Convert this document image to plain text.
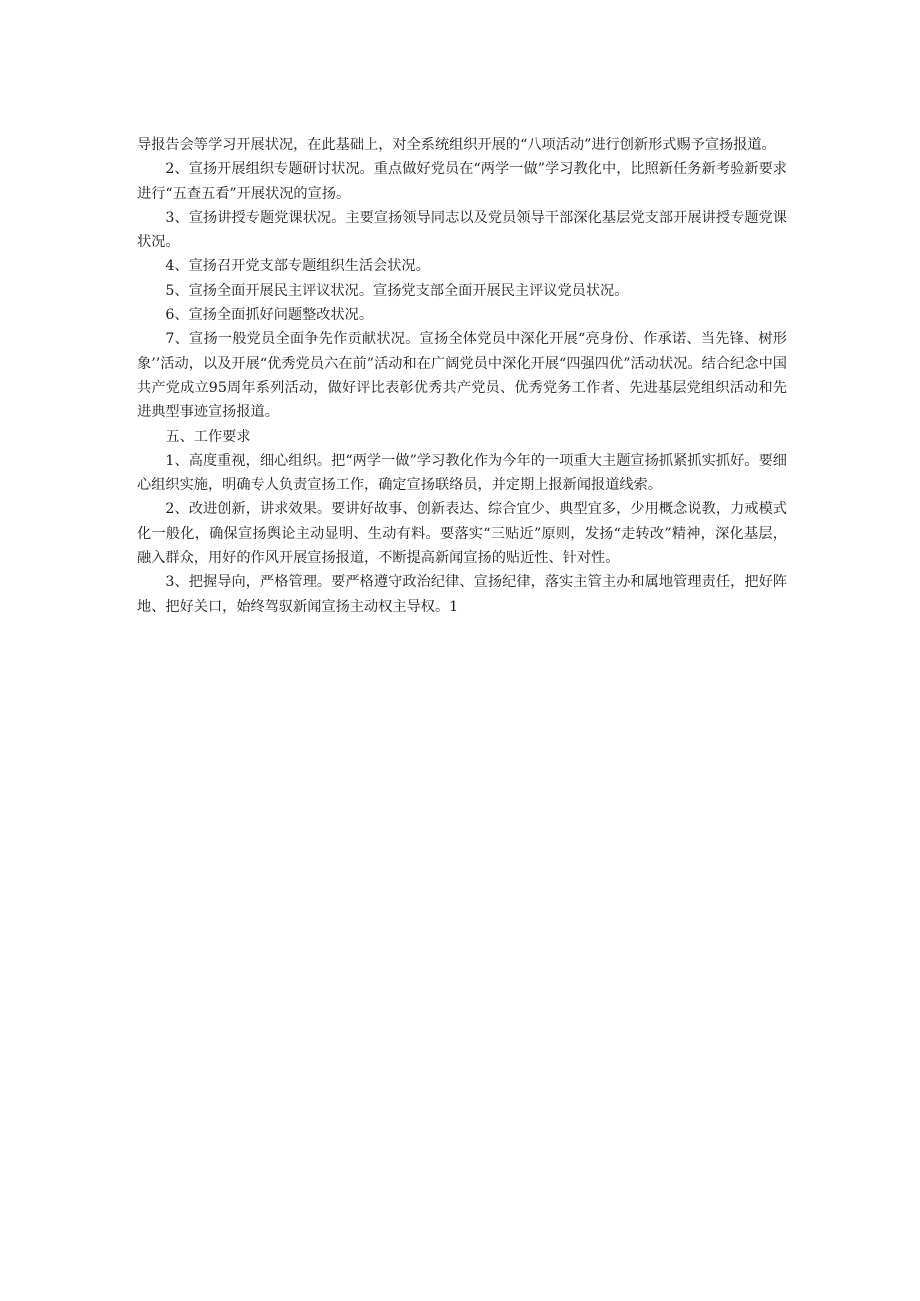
导报告会等学习开展状况，在此基础上，对全系统组织开展的“八项活动”进行创新形式赐予宣扬报道。

2、宣扬开展组织专题研讨状况。重点做好党员在“两学一做”学习教化中，比照新任务新考验新要求进行“五查五看”开展状况的宣扬。

3、宣扬讲授专题党课状况。主要宣扬领导同志以及党员领导干部深化基层党支部开展讲授专题党课状况。

4、宣扬召开党支部专题组织生活会状况。

5、宣扬全面开展民主评议状况。宣扬党支部全面开展民主评议党员状况。

6、宣扬全面抓好问题整改状况。

7、宣扬一般党员全面争先作贡献状况。宣扬全体党员中深化开展“亮身份、作承诺、当先锋、树形象’’活动，以及开展“优秀党员六在前”活动和在广阔党员中深化开展“四强四优”活动状况。结合纪念中国共产党成立95周年系列活动，做好评比表彰优秀共产党员、优秀党务工作者、先进基层党组织活动和先进典型事迹宣扬报道。

五、工作要求

1、高度重视，细心组织。把“两学一做”学习教化作为今年的一项重大主题宣扬抓紧抓实抓好。要细心组织实施，明确专人负责宣扬工作，确定宣扬联络员，并定期上报新闻报道线索。

2、改进创新，讲求效果。要讲好故事、创新表达、综合宜少、典型宜多，少用概念说教，力戒模式化一般化，确保宣扬舆论主动显明、生动有料。要落实“三贴近”原则，发扬“走转改”精神，深化基层，融入群众，用好的作风开展宣扬报道，不断提高新闻宣扬的贴近性、针对性。

3、把握导向，严格管理。要严格遵守政治纪律、宣扬纪律，落实主管主办和属地管理责任，把好阵地、把好关口，始终驾驭新闻宣扬主动权主导权。1
